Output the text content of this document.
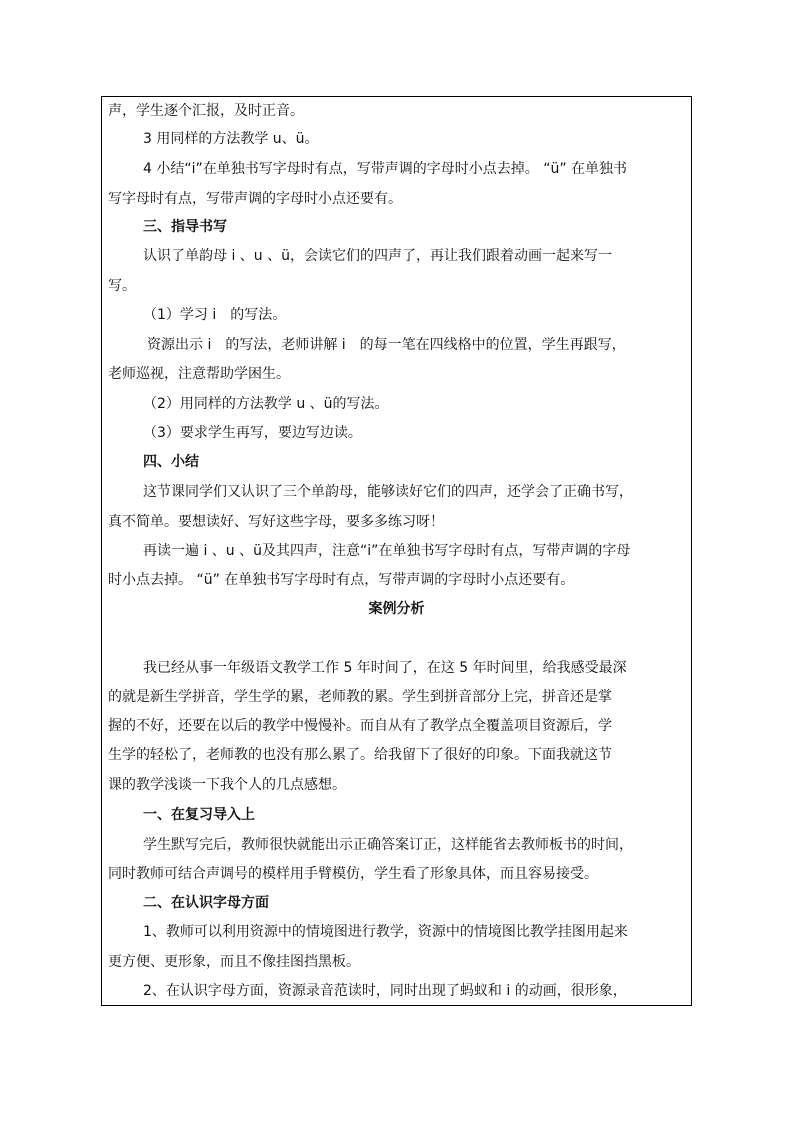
声，学生逐个汇报，及时正音。
3 用同样的方法教学 u、ü。
4 小结“i”在单独书写字母时有点，写带声调的字母时小点去掉。 “ü” 在单独书
写字母时有点，写带声调的字母时小点还要有。
三、指导书写
认识了单韵母 i 、u 、ü，会读它们的四声了，再让我们跟着动画一起来写一
写。
（1）学习 i　的写法。
资源出示 i　的写法，老师讲解 i　的每一笔在四线格中的位置，学生再跟写，
老师巡视，注意帮助学困生。
（2）用同样的方法教学 u 、ü的写法。
（3）要求学生再写，要边写边读。
四、小结
这节课同学们又认识了三个单韵母，能够读好它们的四声，还学会了正确书写，
真不简单。要想读好、写好这些字母，要多多练习呀！
再读一遍 i 、u 、ü及其四声，注意“i”在单独书写字母时有点，写带声调的字母
时小点去掉。 “ü” 在单独书写字母时有点，写带声调的字母时小点还要有。
案例分析
我已经从事一年级语文教学工作 5 年时间了，在这 5 年时间里，给我感受最深
的就是新生学拼音，学生学的累，老师教的累。学生到拼音部分上完，拼音还是掌
握的不好，还要在以后的教学中慢慢补。而自从有了教学点全覆盖项目资源后，学
生学的轻松了，老师教的也没有那么累了。给我留下了很好的印象。下面我就这节
课的教学浅谈一下我个人的几点感想。
一、在复习导入上
学生默写完后，教师很快就能出示正确答案订正，这样能省去教师板书的时间，
同时教师可结合声调号的模样用手臂模仿，学生看了形象具体，而且容易接受。
二、在认识字母方面
1、教师可以利用资源中的情境图进行教学，资源中的情境图比教学挂图用起来
更方便、更形象，而且不像挂图挡黑板。
2、在认识字母方面，资源录音范读时，同时出现了蚂蚁和 i 的动画，很形象，
